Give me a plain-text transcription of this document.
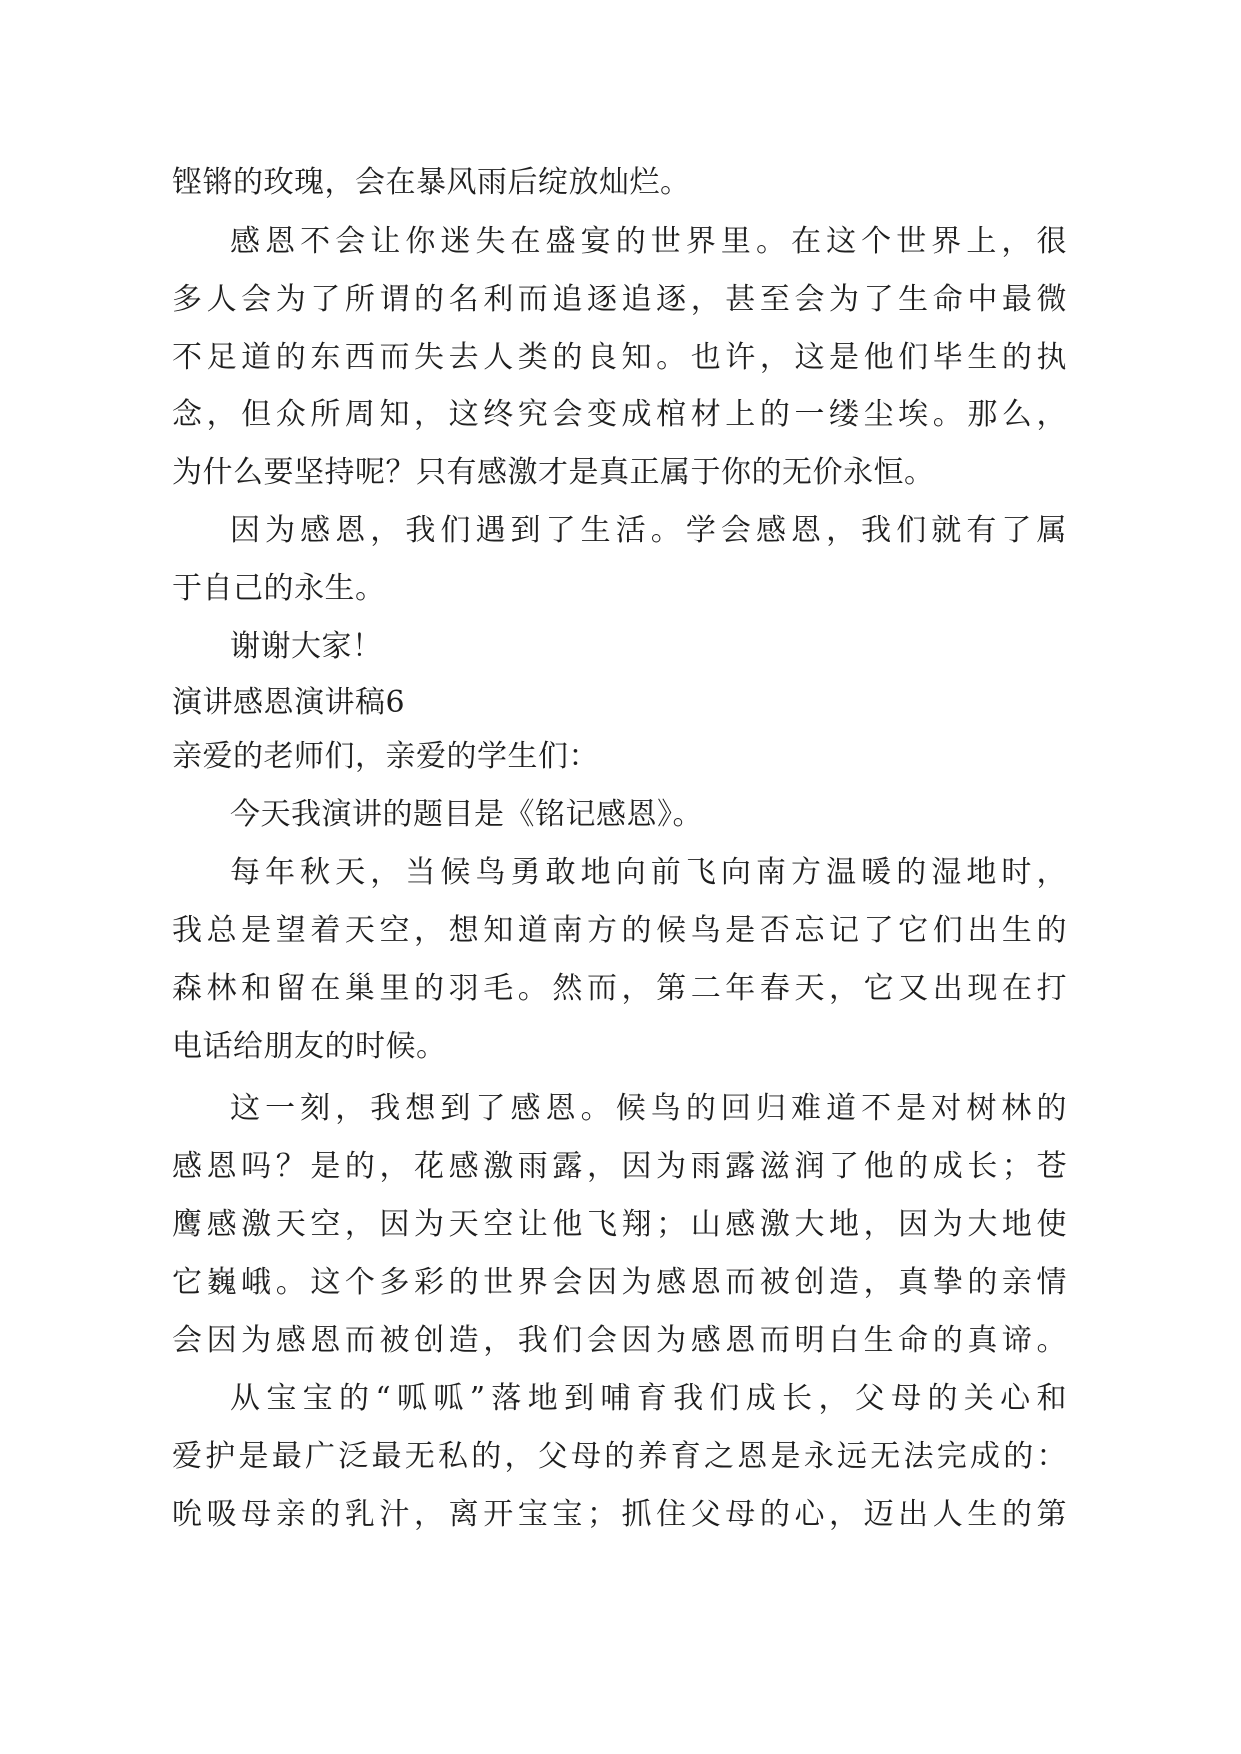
铿锵的玫瑰，会在暴风雨后绽放灿烂。
感恩不会让你迷失在盛宴的世界里。在这个世界上，很
多人会为了所谓的名利而追逐追逐，甚至会为了生命中最微
不足道的东西而失去人类的良知。也许，这是他们毕生的执
念，但众所周知，这终究会变成棺材上的一缕尘埃。那么，
为什么要坚持呢？只有感激才是真正属于你的无价永恒。
因为感恩，我们遇到了生活。学会感恩，我们就有了属
于自己的永生。
谢谢大家！
演讲感恩演讲稿6
亲爱的老师们，亲爱的学生们：
今天我演讲的题目是《铭记感恩》。
每年秋天，当候鸟勇敢地向前飞向南方温暖的湿地时，
我总是望着天空，想知道南方的候鸟是否忘记了它们出生的
森林和留在巢里的羽毛。然而，第二年春天，它又出现在打
电话给朋友的时候。
这一刻，我想到了感恩。候鸟的回归难道不是对树林的
感恩吗？是的，花感激雨露，因为雨露滋润了他的成长；苍
鹰感激天空，因为天空让他飞翔；山感激大地，因为大地使
它巍峨。这个多彩的世界会因为感恩而被创造，真挚的亲情
会因为感恩而被创造，我们会因为感恩而明白生命的真谛。
从宝宝的“呱呱”落地到哺育我们成长，父母的关心和
爱护是最广泛最无私的，父母的养育之恩是永远无法完成的：
吮吸母亲的乳汁，离开宝宝；抓住父母的心，迈出人生的第
